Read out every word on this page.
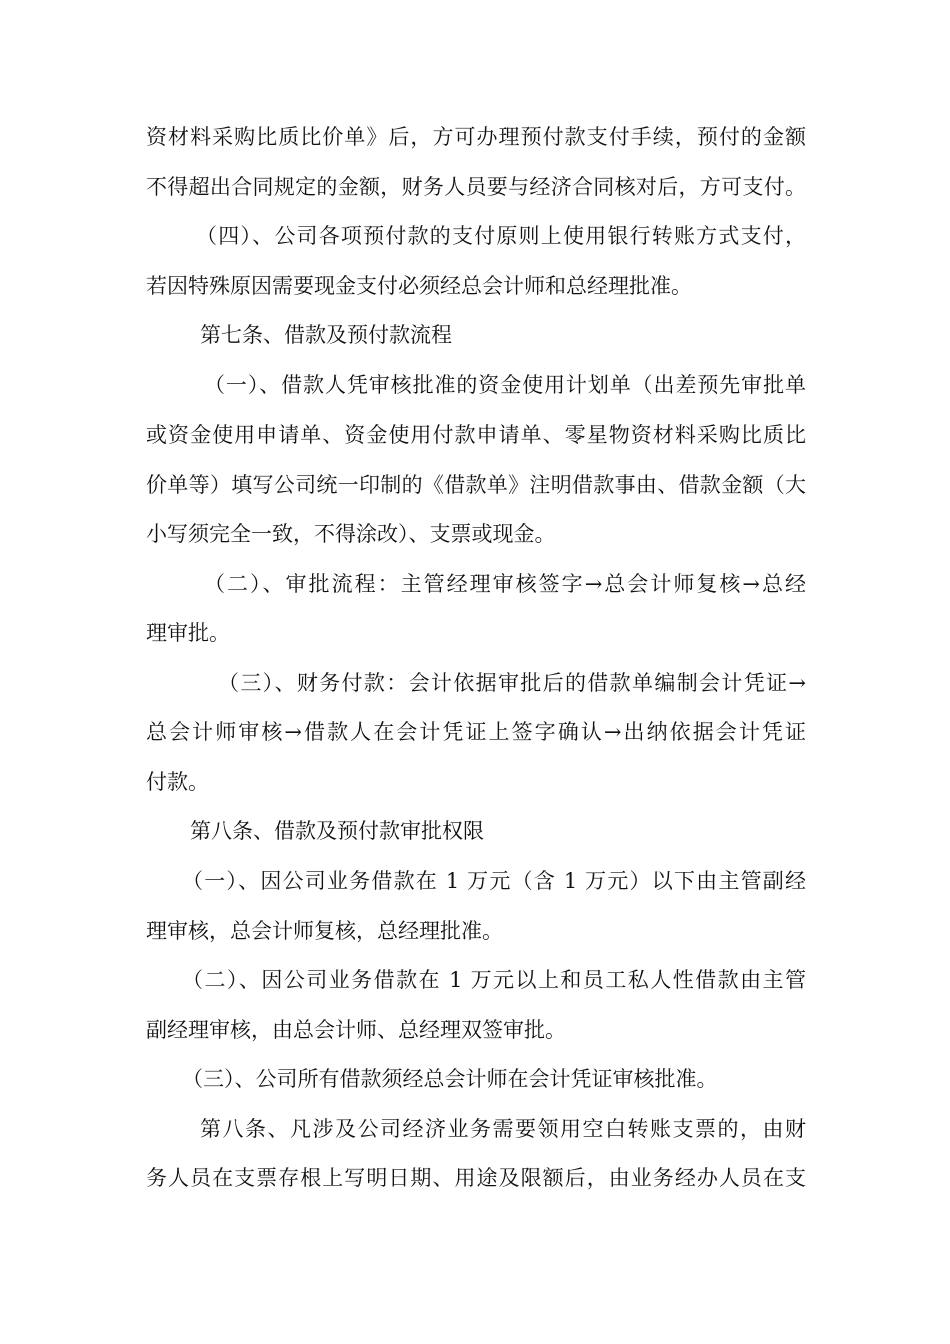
资材料采购比质比价单》后，方可办理预付款支付手续，预付的金额
不得超出合同规定的金额，财务人员要与经济合同核对后，方可支付。
（四）、公司各项预付款的支付原则上使用银行转账方式支付，
若因特殊原因需要现金支付必须经总会计师和总经理批准。
第七条、借款及预付款流程
（一）、借款人凭审核批准的资金使用计划单（出差预先审批单
或资金使用申请单、资金使用付款申请单、零星物资材料采购比质比
价单等）填写公司统一印制的《借款单》注明借款事由、借款金额（大
小写须完全一致，不得涂改）、支票或现金。
（二）、审批流程：主管经理审核签字→总会计师复核→总经
理审批。
（三）、财务付款：会计依据审批后的借款单编制会计凭证→
总会计师审核→借款人在会计凭证上签字确认→出纳依据会计凭证
付款。
第八条、借款及预付款审批权限
（一）、因公司业务借款在 1 万元（含 1 万元）以下由主管副经
理审核，总会计师复核，总经理批准。
（二）、因公司业务借款在 1 万元以上和员工私人性借款由主管
副经理审核，由总会计师、总经理双签审批。
（三）、公司所有借款须经总会计师在会计凭证审核批准。
第八条、凡涉及公司经济业务需要领用空白转账支票的，由财
务人员在支票存根上写明日期、用途及限额后，由业务经办人员在支
